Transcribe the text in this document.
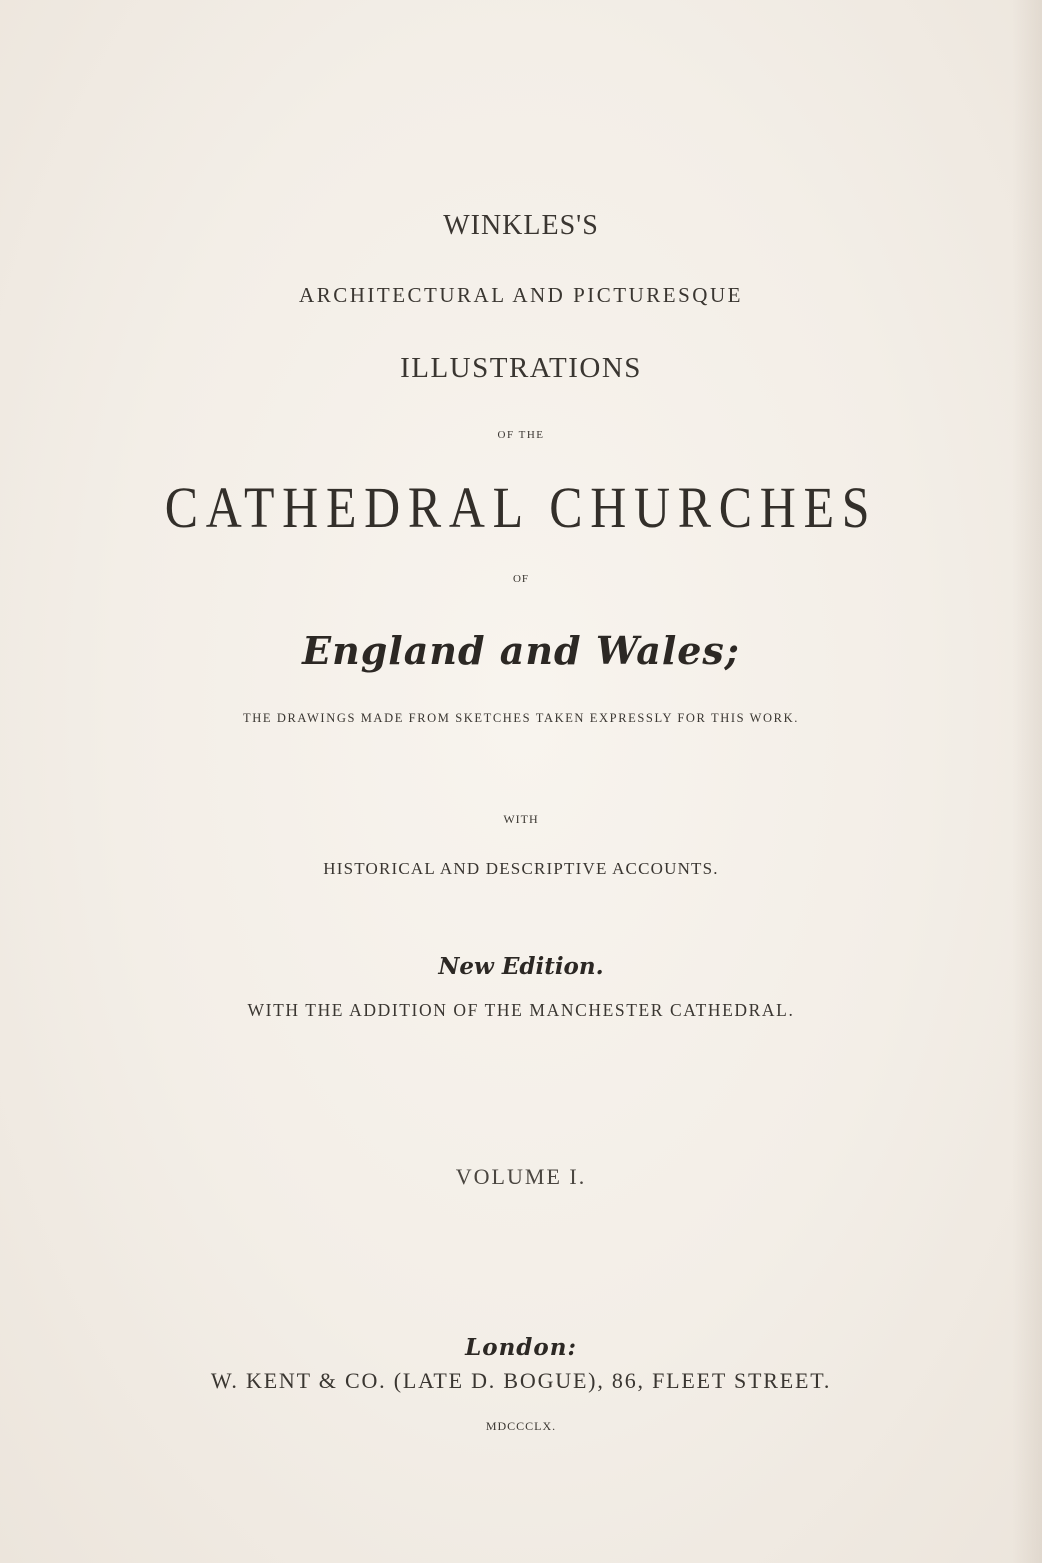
WINKLES'S
ARCHITECTURAL AND PICTURESQUE
ILLUSTRATIONS
OF THE
CATHEDRAL CHURCHES
OF
England and Wales;
THE DRAWINGS MADE FROM SKETCHES TAKEN EXPRESSLY FOR THIS WORK.
WITH
HISTORICAL AND DESCRIPTIVE ACCOUNTS.
New Edition.
WITH THE ADDITION OF THE MANCHESTER CATHEDRAL.
VOLUME I.
London:
W. KENT & CO. (LATE D. BOGUE), 86, FLEET STREET.
MDCCCLX.
